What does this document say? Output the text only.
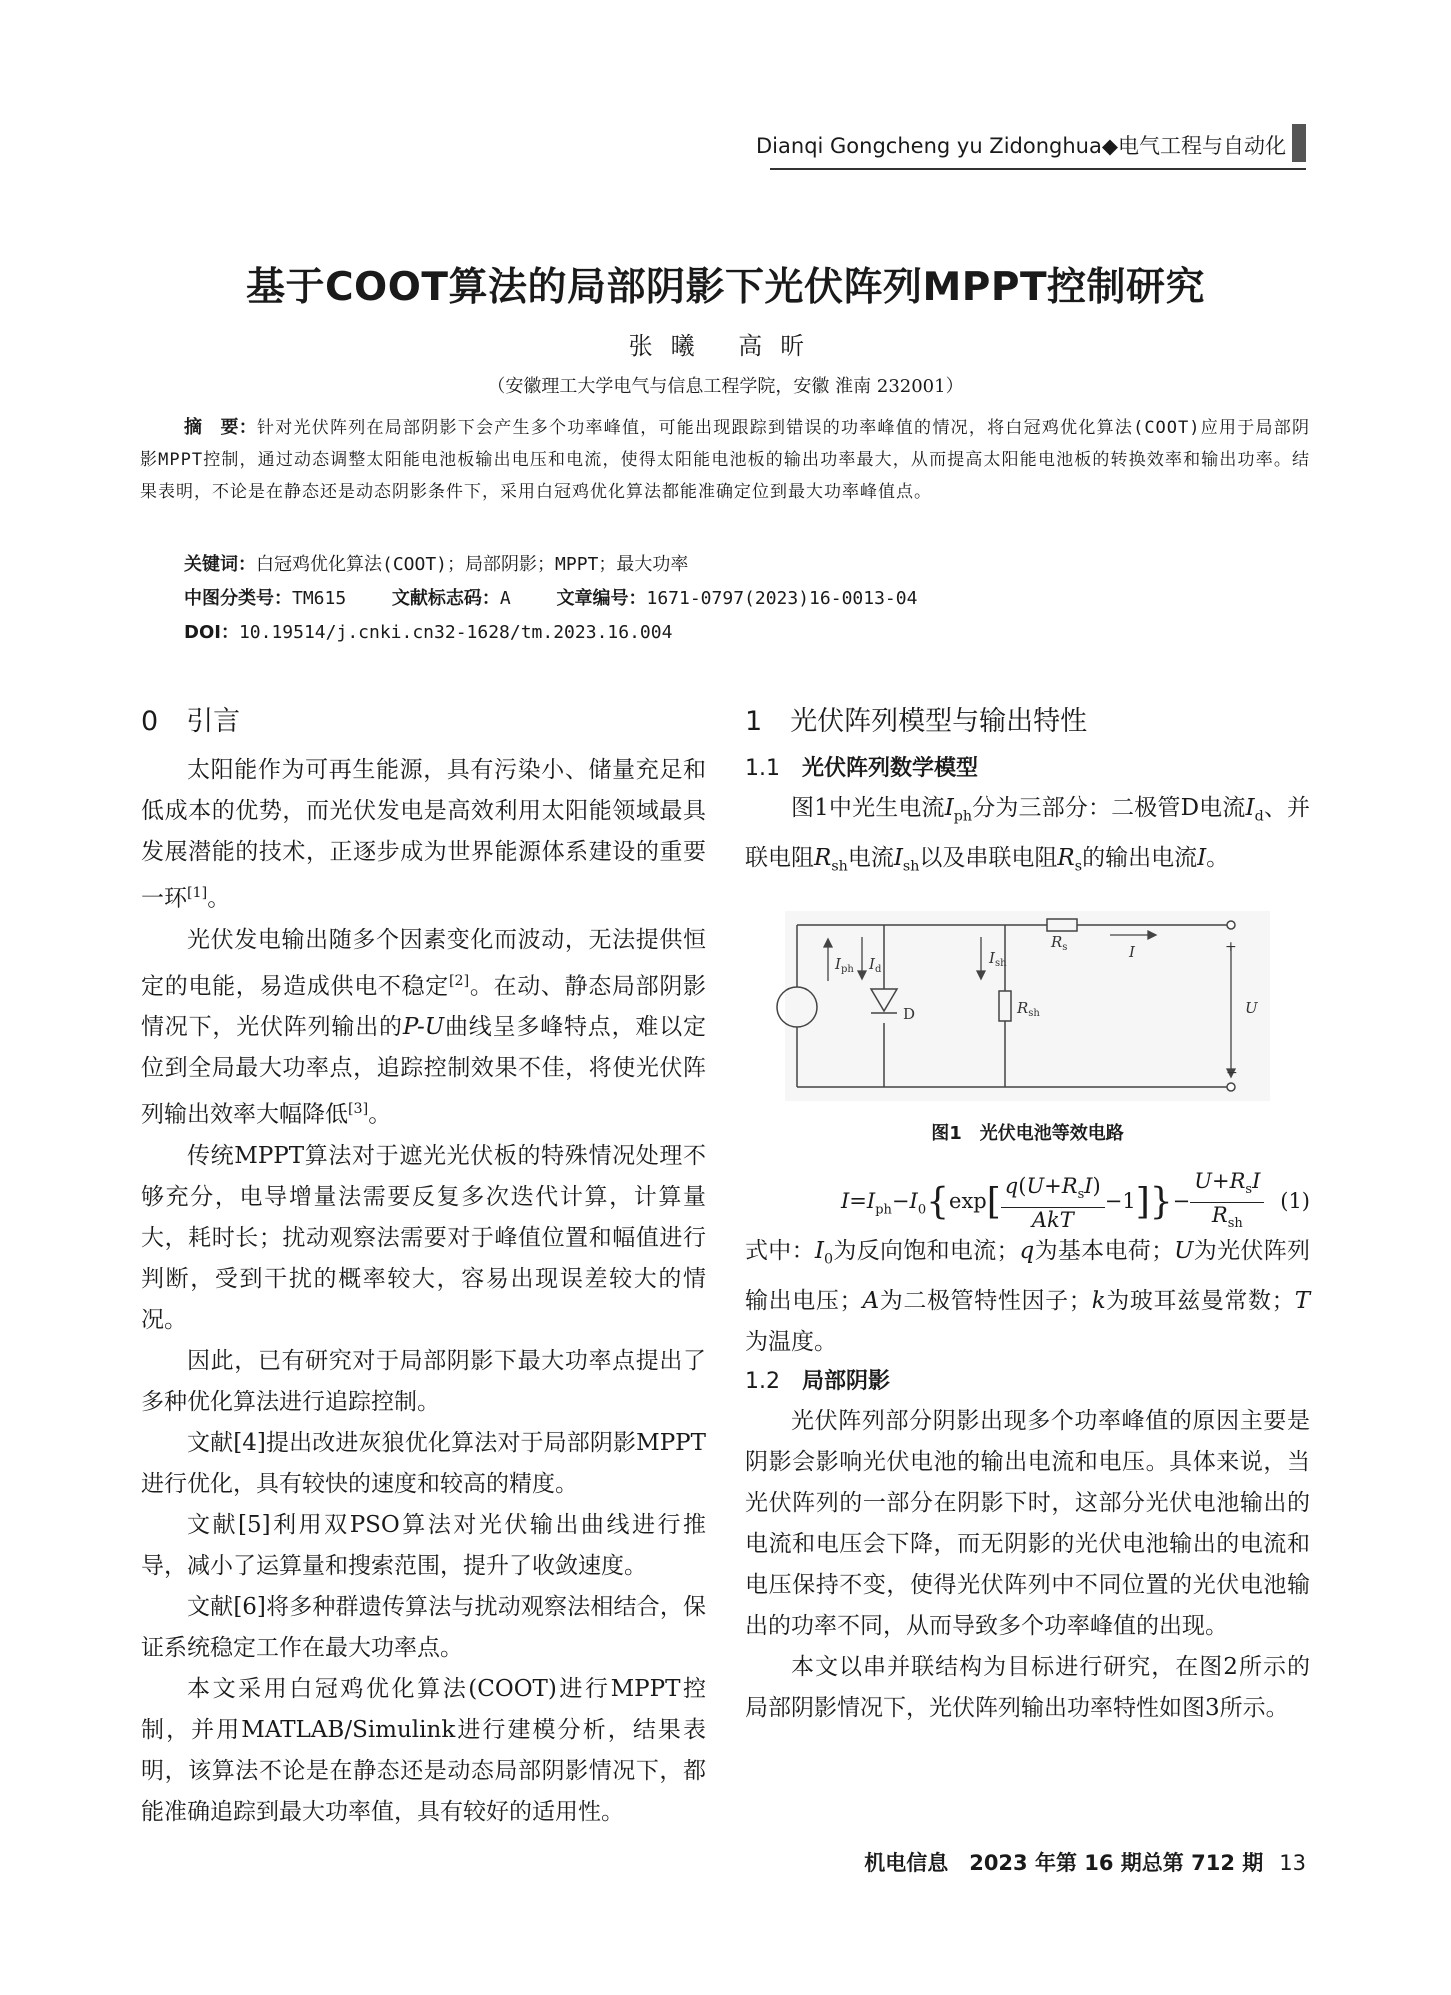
Dianqi Gongcheng yu Zidonghua◆电气工程与自动化
基于COOT算法的局部阴影下光伏阵列MPPT控制研究
张曦 高昕
（安徽理工大学电气与信息工程学院，安徽 淮南 232001）

摘　要：针对光伏阵列在局部阴影下会产生多个功率峰值，可能出现跟踪到错误的功率峰值的情况，将白冠鸡优化算法(COOT)应用于局部阴影MPPT控制，通过动态调整太阳能电池板输出电压和电流，使得太阳能电池板的输出功率最大，从而提高太阳能电池板的转换效率和输出功率。结果表明，不论是在静态还是动态阴影条件下，采用白冠鸡优化算法都能准确定位到最大功率峰值点。

关键词：白冠鸡优化算法(COOT)；局部阴影；MPPT；最大功率
中图分类号：TM615	文献标志码：A	文章编号：1671-0797(2023)16-0013-04
DOI：10.19514/j.cnki.cn32-1628/tm.2023.16.004
0 引言

太阳能作为可再生能源，具有污染小、储量充足和低成本的优势，而光伏发电是高效利用太阳能领域最具发展潜能的技术，正逐步成为世界能源体系建设的重要一环[1]。

光伏发电输出随多个因素变化而波动，无法提供恒定的电能，易造成供电不稳定[2]。在动、静态局部阴影情况下，光伏阵列输出的P-U曲线呈多峰特点，难以定位到全局最大功率点，追踪控制效果不佳，将使光伏阵列输出效率大幅降低[3]。

传统MPPT算法对于遮光光伏板的特殊情况处理不够充分，电导增量法需要反复多次迭代计算，计算量大，耗时长；扰动观察法需要对于峰值位置和幅值进行判断，受到干扰的概率较大，容易出现误差较大的情况。

因此，已有研究对于局部阴影下最大功率点提出了多种优化算法进行追踪控制。

文献[4]提出改进灰狼优化算法对于局部阴影MPPT进行优化，具有较快的速度和较高的精度。

文献[5]利用双PSO算法对光伏输出曲线进行推导，减小了运算量和搜索范围，提升了收敛速度。

文献[6]将多种群遗传算法与扰动观察法相结合，保证系统稳定工作在最大功率点。

本文采用白冠鸡优化算法(COOT)进行MPPT控制，并用MATLAB/Simulink进行建模分析，结果表明，该算法不论是在静态还是动态局部阴影情况下，都能准确追踪到最大功率值，具有较好的适用性。

1 光伏阵列模型与输出特性
1.1 光伏阵列数学模型

图1中光生电流$I_{ph}$分为三部分：二极管D电流$I_d$、并联电阻$R_{sh}$电流$I_{sh}$以及串联电阻$R_s$的输出电流I。

$I_{ph}$ $I_d$
$I_{sh}$
$R_s$
$R_{sh}$
I
U
D
+
−
图1　光伏电池等效电路
$I=I_{ph}-I_0\{\exp$[ $q(U+R_sI)$
AkT
−1]}−
$U+R_sI$
$R_{sh}$
(1)

式中：$I_0$为反向饱和电流；q为基本电荷；U为光伏阵列输出电压；A为二极管特性因子；k为玻耳兹曼常数；T为温度。

1.2 局部阴影

光伏阵列部分阴影出现多个功率峰值的原因主要是阴影会影响光伏电池的输出电流和电压。具体来说，当光伏阵列的一部分在阴影下时，这部分光伏电池输出的电流和电压会下降，而无阴影的光伏电池输出的电流和电压保持不变，使得光伏阵列中不同位置的光伏电池输出的功率不同，从而导致多个功率峰值的出现。

本文以串并联结构为目标进行研究，在图2所示的局部阴影情况下，光伏阵列输出功率特性如图3所示。

机电信息　2023 年第 16 期总第 712 期 13
